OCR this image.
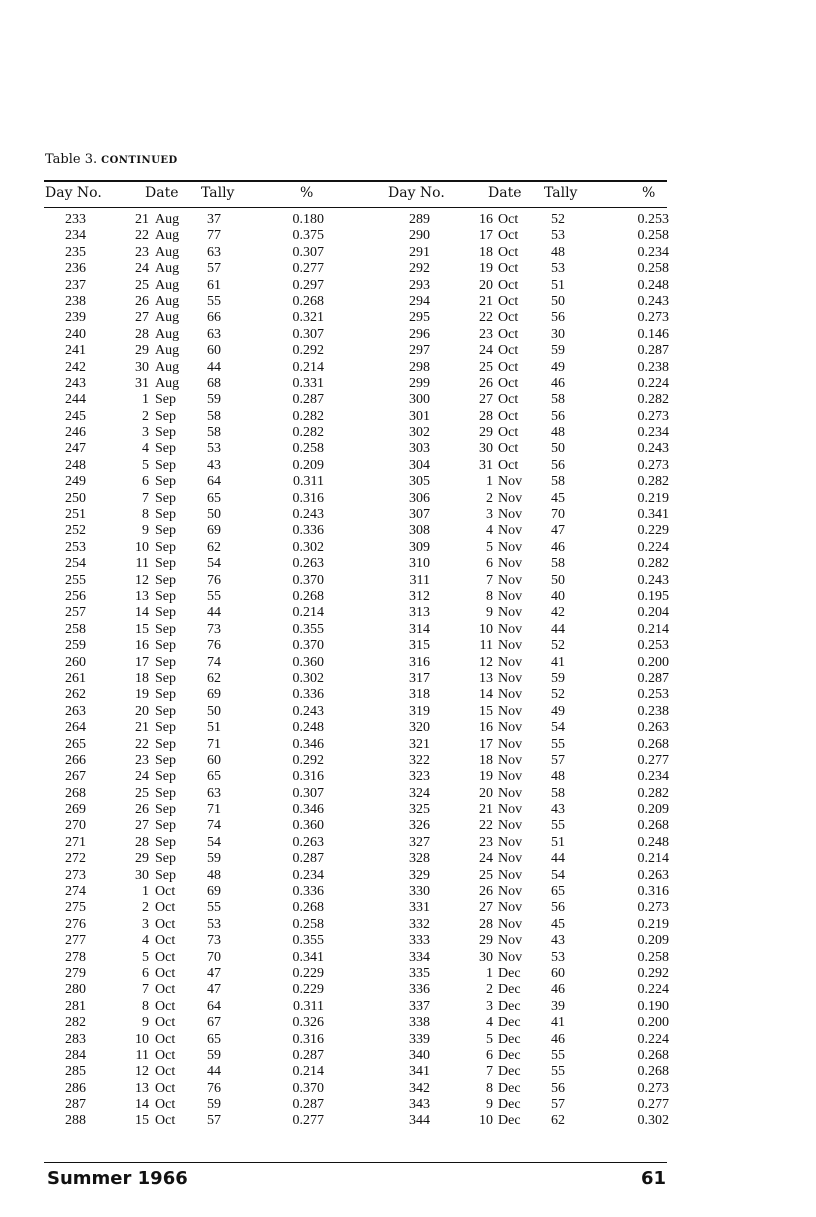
Table 3. CONTINUED
Day No.	Date Tally	%	Day No.	Date Tally	%
233	21 Aug 37	0.180	289	16 Oct 52	0.253
234	22 Aug 77	0.375	290	17 Oct 53	0.258
235	23 Aug 63	0.307	291	18 Oct 48	0.234
236	24 Aug 57	0.277	292	19 Oct 53	0.258
237	25 Aug 61	0.297	293	20 Oct 51	0.248
238	26 Aug 55	0.268	294	21 Oct 50	0.243
239	27 Aug 66	0.321	295	22 Oct 56	0.273
240	28 Aug 63	0.307	296	23 Oct 30	0.146
241	29 Aug 60	0.292	297	24 Oct 59	0.287
242	30 Aug 44	0.214	298	25 Oct 49	0.238
243	31 Aug 68	0.331	299	26 Oct 46	0.224
244	1 Sep 59	0.287	300	27 Oct 58	0.282
245	2 Sep 58	0.282	301	28 Oct 56	0.273
246	3 Sep 58	0.282	302	29 Oct 48	0.234
247	4 Sep 53	0.258	303	30 Oct 50	0.243
248	5 Sep 43	0.209	304	31 Oct 56	0.273
249	6 Sep 64	0.311	305	1 Nov 58	0.282
250	7 Sep 65	0.316	306	2 Nov 45	0.219
251	8 Sep 50	0.243	307	3 Nov 70	0.341
252	9 Sep 69	0.336	308	4 Nov 47	0.229
253	10 Sep 62	0.302	309	5 Nov 46	0.224
254	11 Sep 54	0.263	310	6 Nov 58	0.282
255	12 Sep 76	0.370	311	7 Nov 50	0.243
256	13 Sep 55	0.268	312	8 Nov 40	0.195
257	14 Sep 44	0.214	313	9 Nov 42	0.204
258	15 Sep 73	0.355	314	10 Nov 44	0.214
259	16 Sep 76	0.370	315	11 Nov 52	0.253
260	17 Sep 74	0.360	316	12 Nov 41	0.200
261	18 Sep 62	0.302	317	13 Nov 59	0.287
262	19 Sep 69	0.336	318	14 Nov 52	0.253
263	20 Sep 50	0.243	319	15 Nov 49	0.238
264	21 Sep 51	0.248	320	16 Nov 54	0.263
265	22 Sep 71	0.346	321	17 Nov 55	0.268
266	23 Sep 60	0.292	322	18 Nov 57	0.277
267	24 Sep 65	0.316	323	19 Nov 48	0.234
268	25 Sep 63	0.307	324	20 Nov 58	0.282
269	26 Sep 71	0.346	325	21 Nov 43	0.209
270	27 Sep 74	0.360	326	22 Nov 55	0.268
271	28 Sep 54	0.263	327	23 Nov 51	0.248
272	29 Sep 59	0.287	328	24 Nov 44	0.214
273	30 Sep 48	0.234	329	25 Nov 54	0.263
274	1 Oct 69	0.336	330	26 Nov 65	0.316
275	2 Oct 55	0.268	331	27 Nov 56	0.273
276	3 Oct 53	0.258	332	28 Nov 45	0.219
277	4 Oct 73	0.355	333	29 Nov 43	0.209
278	5 Oct 70	0.341	334	30 Nov 53	0.258
279	6 Oct 47	0.229	335	1 Dec 60	0.292
280	7 Oct 47	0.229	336	2 Dec 46	0.224
281	8 Oct 64	0.311	337	3 Dec 39	0.190
282	9 Oct 67	0.326	338	4 Dec 41	0.200
283	10 Oct 65	0.316	339	5 Dec 46	0.224
284	11 Oct 59	0.287	340	6 Dec 55	0.268
285	12 Oct 44	0.214	341	7 Dec 55	0.268
286	13 Oct 76	0.370	342	8 Dec 56	0.273
287	14 Oct 59	0.287	343	9 Dec 57	0.277
288	15 Oct 57	0.277	344	10 Dec 62	0.302
Summer 1966	61
